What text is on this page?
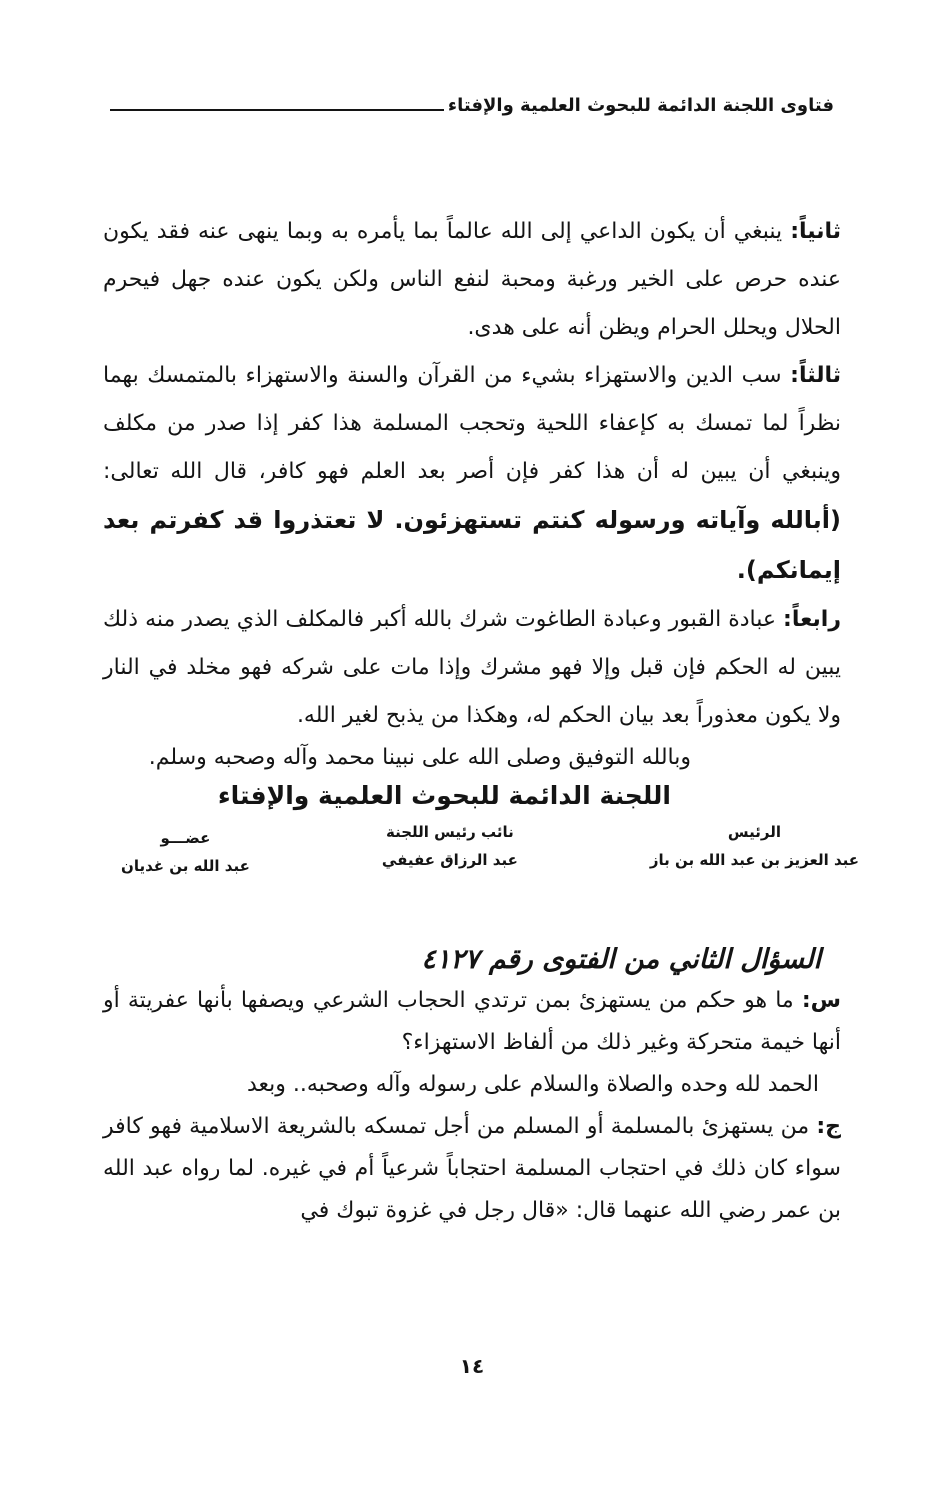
فتاوى اللجنة الدائمة للبحوث العلمية والإفتاء

ثانياً: ينبغي أن يكون الداعي إلى الله عالماً بما يأمره به وبما ينهى عنه فقد يكون عنده حرص على الخير ورغبة ومحبة لنفع الناس ولكن يكون عنده جهل فيحرم الحلال ويحلل الحرام ويظن أنه على هدى.

ثالثاً: سب الدين والاستهزاء بشيء من القرآن والسنة والاستهزاء بالمتمسك بهما نظراً لما تمسك به كإعفاء اللحية وتحجب المسلمة هذا كفر إذا صدر من مكلف وينبغي أن يبين له أن هذا كفر فإن أصر بعد العلم فهو كافر، قال الله تعالى: (أبالله وآياته ورسوله كنتم تستهزئون. لا تعتذروا قد كفرتم بعد إيمانكم).

رابعاً: عبادة القبور وعبادة الطاغوت شرك بالله أكبر فالمكلف الذي يصدر منه ذلك يبين له الحكم فإن قبل وإلا فهو مشرك وإذا مات على شركه فهو مخلد في النار ولا يكون معذوراً بعد بيان الحكم له، وهكذا من يذبح لغير الله.

وبالله التوفيق وصلى الله على نبينا محمد وآله وصحبه وسلم.

اللجنة الدائمة للبحوث العلمية والإفتاء

الرئيس
عبد العزيز بن عبد الله بن باز
نائب رئيس اللجنة
عبد الرزاق عفيفي
عضـــو
عبد الله بن غديان
السؤال الثاني من الفتوى رقم ٤١٢٧

س: ما هو حكم من يستهزئ بمن ترتدي الحجاب الشرعي ويصفها بأنها عفريتة أو أنها خيمة متحركة وغير ذلك من ألفاظ الاستهزاء؟

الحمد لله وحده والصلاة والسلام على رسوله وآله وصحبه.. وبعد

ج: من يستهزئ بالمسلمة أو المسلم من أجل تمسكه بالشريعة الاسلامية فهو كافر سواء كان ذلك في احتجاب المسلمة احتجاباً شرعياً أم في غيره. لما رواه عبد الله بن عمر رضي الله عنهما قال: «قال رجل في غزوة تبوك في

١٤
